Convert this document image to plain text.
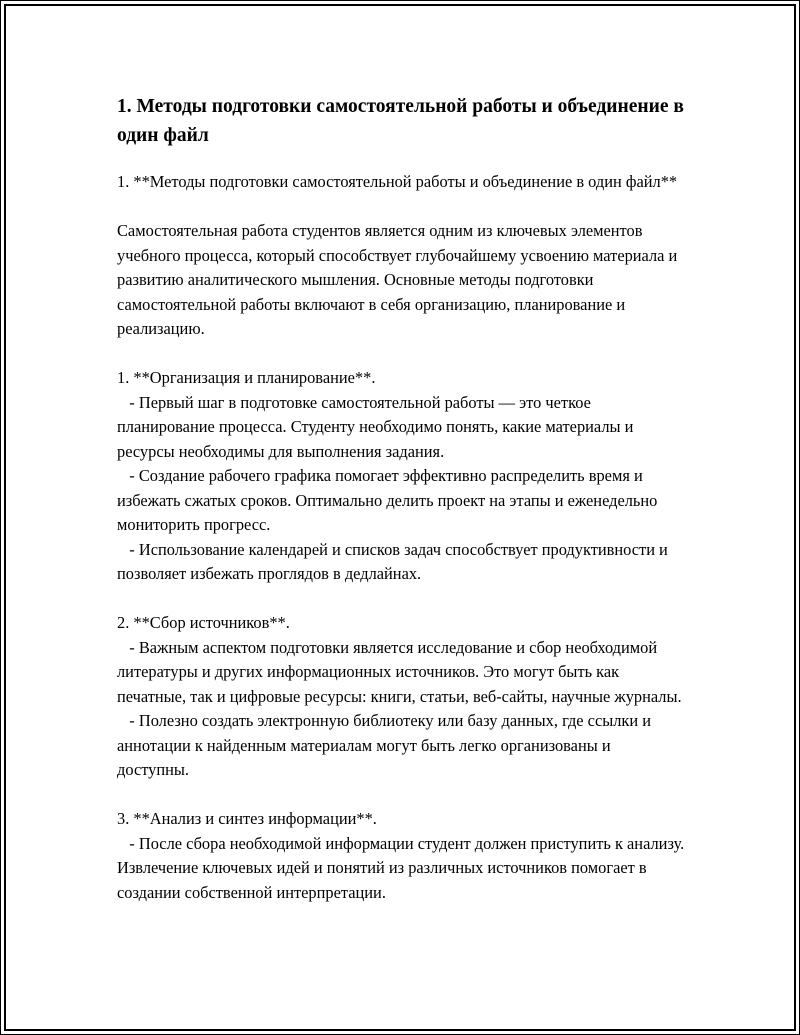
1. Методы подготовки самостоятельной работы и объединение в один файл

1. **Методы подготовки самостоятельной работы и объединение в один файл**

Самостоятельная работа студентов является одним из ключевых элементов учебного процесса, который способствует глубочайшему усвоению материала и развитию аналитического мышления. Основные методы подготовки самостоятельной работы включают в себя организацию, планирование и реализацию.

1. **Организация и планирование**.
- Первый шаг в подготовке самостоятельной работы — это четкое планирование процесса. Студенту необходимо понять, какие материалы и ресурсы необходимы для выполнения задания.
- Создание рабочего графика помогает эффективно распределить время и избежать сжатых сроков. Оптимально делить проект на этапы и еженедельно мониторить прогресс.
- Использование календарей и списков задач способствует продуктивности и позволяет избежать проглядов в дедлайнах.
2. **Сбор источников**.
- Важным аспектом подготовки является исследование и сбор необходимой литературы и других информационных источников. Это могут быть как печатные, так и цифровые ресурсы: книги, статьи, веб-сайты, научные журналы.
- Полезно создать электронную библиотеку или базу данных, где ссылки и аннотации к найденным материалам могут быть легко организованы и доступны.
3. **Анализ и синтез информации**.
- После сбора необходимой информации студент должен приступить к анализу. Извлечение ключевых идей и понятий из различных источников помогает в создании собственной интерпретации.
